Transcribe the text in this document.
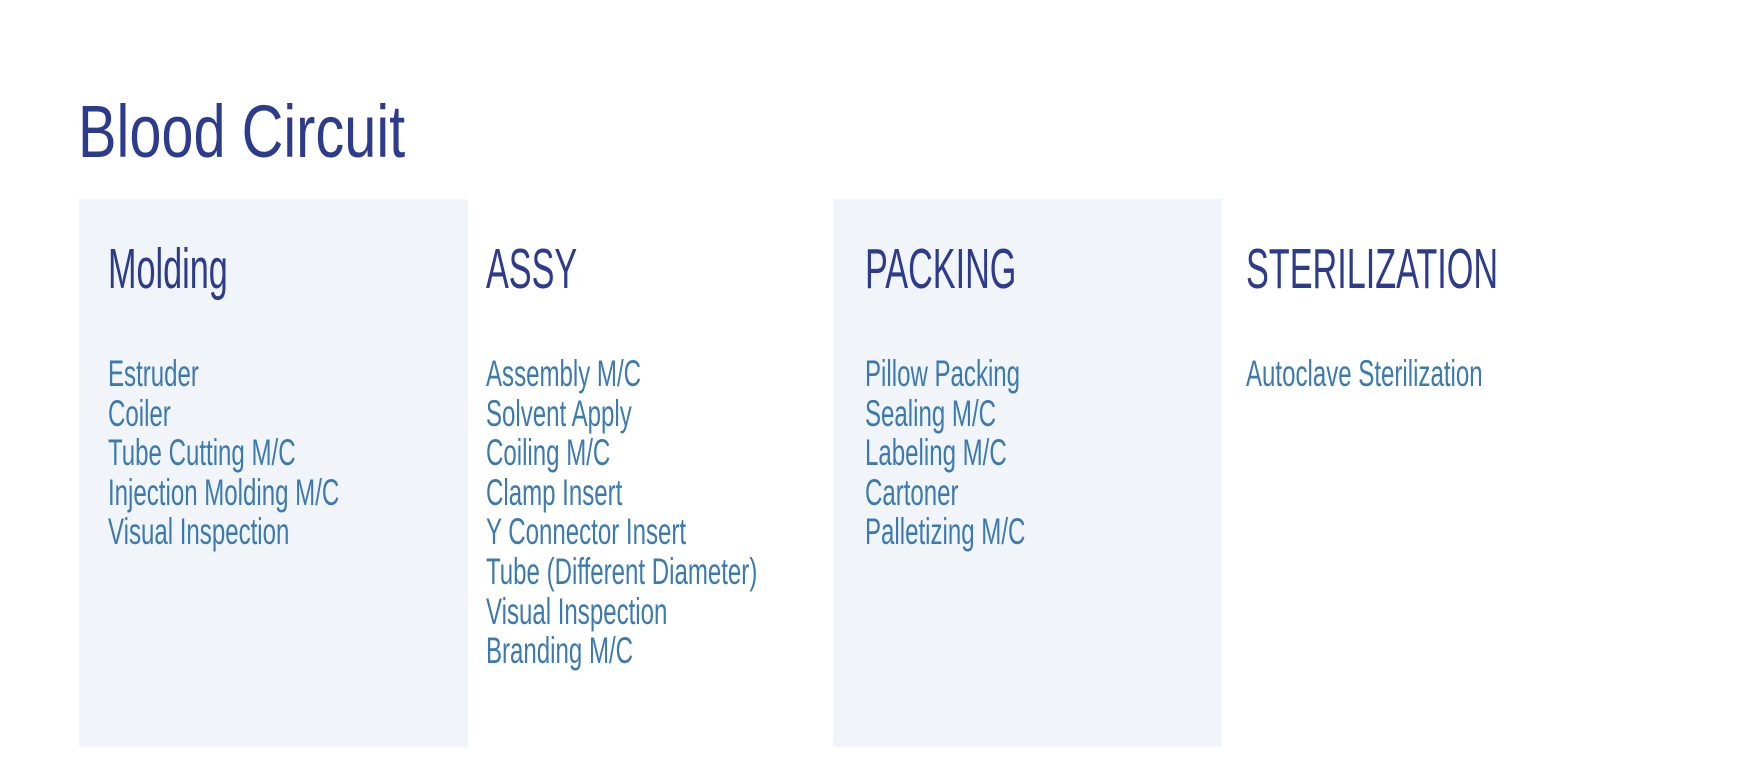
Blood Circuit
Molding
Estruder
Coiler
Tube Cutting M/C
Injection Molding M/C
Visual Inspection
ASSY
Assembly M/C
Solvent Apply
Coiling M/C
Clamp Insert
Y Connector Insert
Tube (Different Diameter)
Visual Inspection
Branding M/C
PACKING
Pillow Packing
Sealing M/C
Labeling M/C
Cartoner
Palletizing M/C
STERILIZATION
Autoclave Sterilization
